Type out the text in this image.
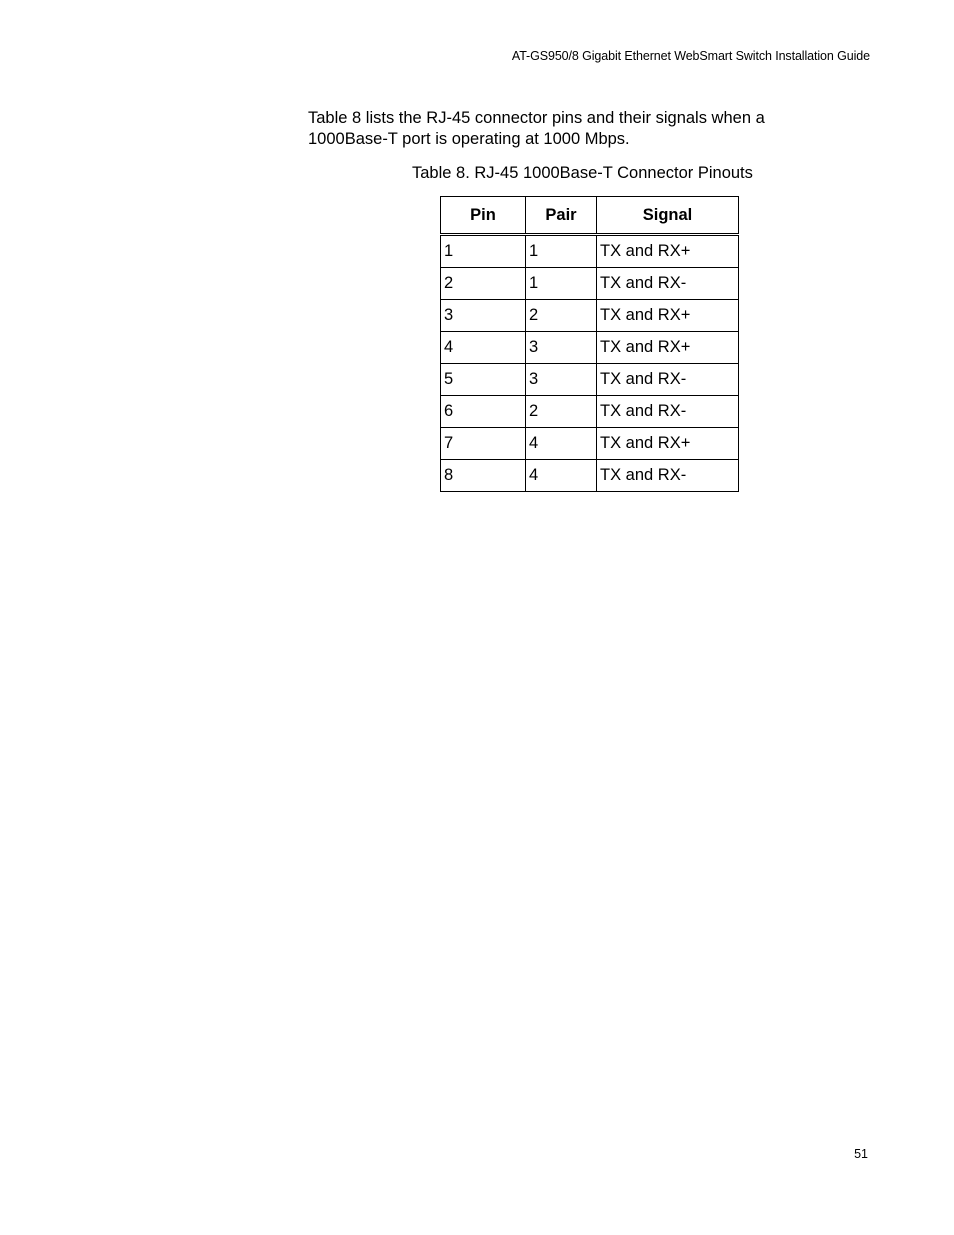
AT-GS950/8 Gigabit Ethernet WebSmart Switch Installation Guide

Table 8 lists the RJ-45 connector pins and their signals when a 1000Base-T port is operating at 1000 Mbps.

Table 8. RJ-45 1000Base-T Connector Pinouts
Pin	Pair	Signal
1	1	TX and RX+
2	1	TX and RX-
3	2	TX and RX+
4	3	TX and RX+
5	3	TX and RX-
6	2	TX and RX-
7	4	TX and RX+
8	4	TX and RX-
51
